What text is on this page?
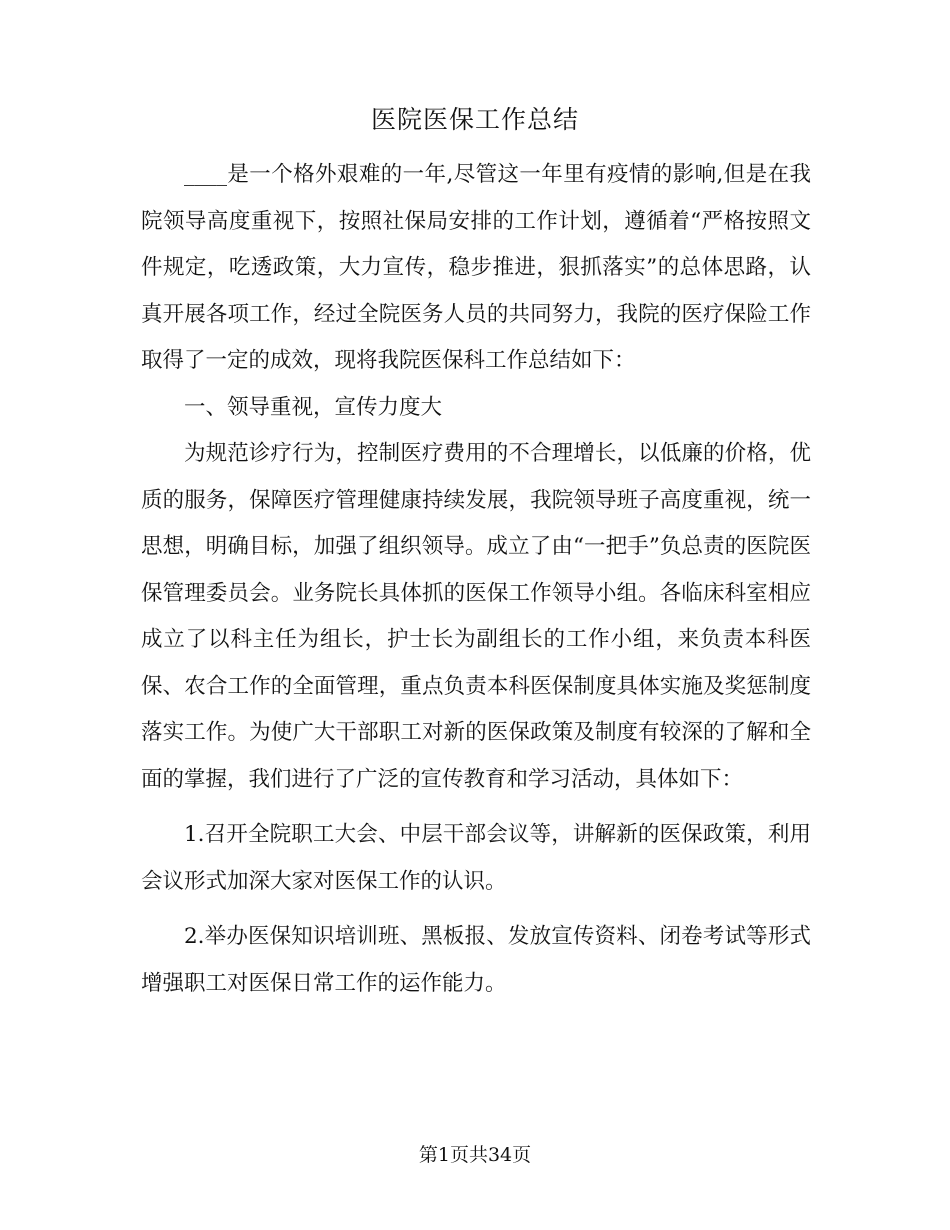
医院医保工作总结

____是一个格外艰难的一年,尽管这一年里有疫情的影响,但是在我院领导高度重视下，按照社保局安排的工作计划，遵循着“严格按照文件规定，吃透政策，大力宣传，稳步推进，狠抓落实”的总体思路，认真开展各项工作，经过全院医务人员的共同努力，我院的医疗保险工作取得了一定的成效，现将我院医保科工作总结如下：

一、领导重视，宣传力度大

为规范诊疗行为，控制医疗费用的不合理增长，以低廉的价格，优质的服务，保障医疗管理健康持续发展，我院领导班子高度重视，统一思想，明确目标，加强了组织领导。成立了由“一把手”负总责的医院医保管理委员会。业务院长具体抓的医保工作领导小组。各临床科室相应成立了以科主任为组长，护士长为副组长的工作小组，来负责本科医保、农合工作的全面管理，重点负责本科医保制度具体实施及奖惩制度落实工作。为使广大干部职工对新的医保政策及制度有较深的了解和全面的掌握，我们进行了广泛的宣传教育和学习活动，具体如下：

1.召开全院职工大会、中层干部会议等，讲解新的医保政策，利用会议形式加深大家对医保工作的认识。

2.举办医保知识培训班、黑板报、发放宣传资料、闭卷考试等形式增强职工对医保日常工作的运作能力。

第1页共34页
